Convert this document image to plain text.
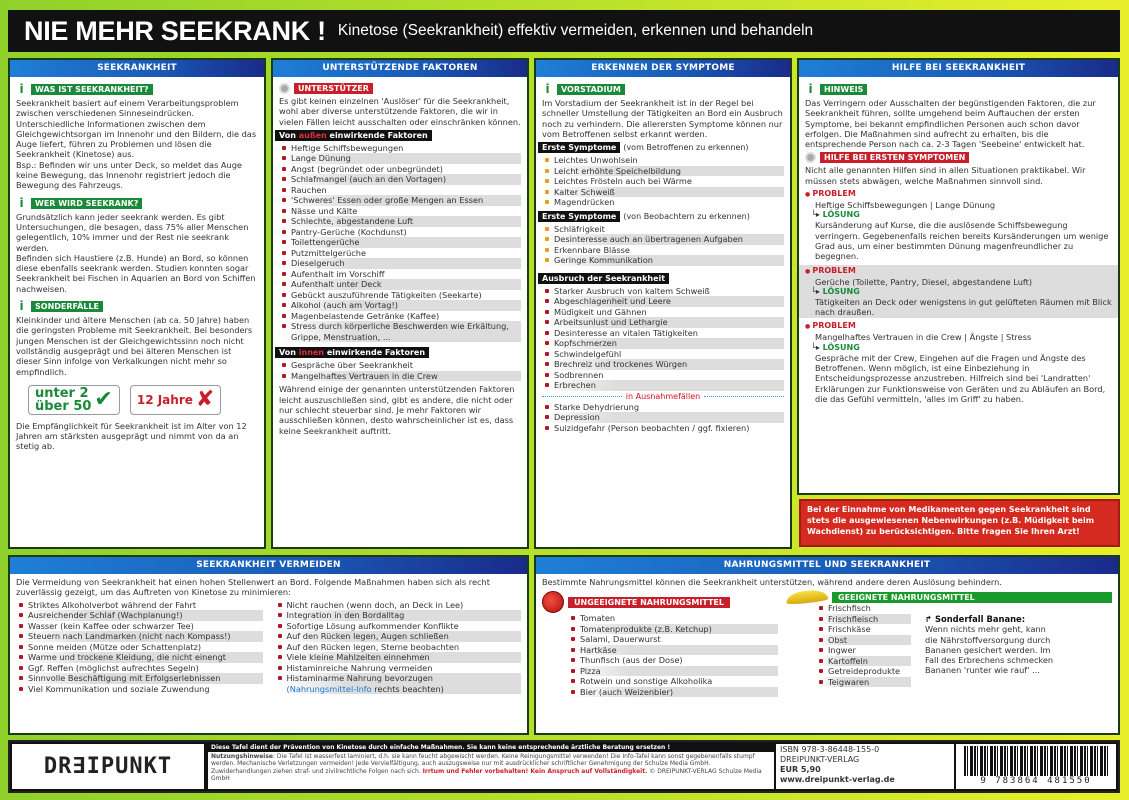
NIE MEHR SEEKRANK ! Kinetose (Seekrankheit) effektiv vermeiden, erkennen und behandeln
SEEKRANKHEIT
i	WAS IST SEEKRANKHEIT?

Seekrankheit basiert auf einem Verarbeitungsproblem zwischen verschiedenen Sinneseindrücken. Unterschiedliche Informationen zwischen dem Gleichgewichtsorgan im Innenohr und den Bildern, die das Auge liefert, führen zu Problemen und lösen die Seekrankheit (Kinetose) aus.

Bsp.: Befinden wir uns unter Deck, so meldet das Auge keine Bewegung, das Innenohr registriert jedoch die Bewegung des Fahrzeugs.

i	WER WIRD SEEKRANK?

Grundsätzlich kann jeder seekrank werden. Es gibt Untersuchungen, die besagen, dass 75% aller Menschen gelegentlich, 10% immer und der Rest nie seekrank werden.

Befinden sich Haustiere (z.B. Hunde) an Bord, so können diese ebenfalls seekrank werden. Studien konnten sogar Seekrankheit bei Fischen in Aquarien an Bord von Schiffen nachweisen.

i	SONDERFÄLLE

Kleinkinder und ältere Menschen (ab ca. 50 Jahre) haben die geringsten Probleme mit Seekrankheit. Bei besonders jungen Menschen ist der Gleichgewichtssinn noch nicht vollständig ausgeprägt und bei älteren Menschen ist dieser Sinn infolge von Verkalkungen nicht mehr so empfindlich.

unter 2
über 50 ✔ 12 Jahre ✘

Die Empfänglichkeit für Seekrankheit ist im Alter von 12 Jahren am stärksten ausgeprägt und nimmt von da an stetig ab.

UNTERSTÜTZENDE FAKTOREN
UNTERSTÜTZER

Es gibt keinen einzelnen 'Auslöser' für die Seekrankheit, wohl aber diverse unterstützende Faktoren, die wir in vielen Fällen leicht ausschalten oder einschränken können.

Von außen einwirkende Faktoren
Heftige Schiffsbewegungen
Lange Dünung
Angst (begründet oder unbegründet)
Schlafmangel (auch an den Vortagen)
Rauchen
'Schweres' Essen oder große Mengen an Essen
Nässe und Kälte
Schlechte, abgestandene Luft
Pantry-Gerüche (Kochdunst)
Toilettengerüche
Putzmittelgerüche
Dieselgeruch
Aufenthalt im Vorschiff
Aufenthalt unter Deck
Gebückt auszuführende Tätigkeiten (Seekarte)
Alkohol (auch am Vortag!)
Magenbelastende Getränke (Kaffee)
Stress durch körperliche Beschwerden wie Erkältung, Grippe, Menstruation, ...
Von innen einwirkende Faktoren
Gespräche über Seekrankheit
Mangelhaftes Vertrauen in die Crew

Während einige der genannten unterstützenden Faktoren leicht auszuschließen sind, gibt es andere, die nicht oder nur schlecht steuerbar sind. Je mehr Faktoren wir ausschließen können, desto wahrscheinlicher ist es, dass keine Seekrankheit auftritt.

ERKENNEN DER SYMPTOME
i	VORSTADIUM

Im Vorstadium der Seekrankheit ist in der Regel bei schneller Umstellung der Tätigkeiten an Bord ein Ausbruch noch zu verhindern. Die allerersten Symptome können nur vom Betroffenen selbst erkannt werden.

Erste Symptome (vom Betroffenen zu erkennen)
Leichtes Unwohlsein
Leicht erhöhte Speichelbildung
Leichtes Frösteln auch bei Wärme
Kalter Schweiß
Magendrücken
Erste Symptome (von Beobachtern zu erkennen)
Schläfrigkeit
Desinteresse auch an übertragenen Aufgaben
Erkennbare Blässe
Geringe Kommunikation
Ausbruch der Seekrankheit
Starker Ausbruch von kaltem Schweiß
Abgeschlagenheit und Leere
Müdigkeit und Gähnen
Arbeitsunlust und Lethargie
Desinteresse an vitalen Tätigkeiten
Kopfschmerzen
Schwindelgefühl
Brechreiz und trockenes Würgen
Sodbrennen
Erbrechen
in Ausnahmefällen
Starke Dehydrierung
Depression
Suizidgefahr (Person beobachten / ggf. fixieren)
HILFE BEI SEEKRANKHEIT
i	HINWEIS

Das Verringern oder Ausschalten der begünstigenden Faktoren, die zur Seekrankheit führen, sollte umgehend beim Auftauchen der ersten Symptome, bei bekannt empfindlichen Personen auch schon davor erfolgen. Die Maßnahmen sind aufrecht zu erhalten, bis die entsprechende Person nach ca. 2-3 Tagen 'Seebeine' entwickelt hat.

HILFE BEI ERSTEN SYMPTOMEN

Nicht alle genannten Hilfen sind in allen Situationen praktikabel. Wir müssen stets abwägen, welche Maßnahmen sinnvoll sind.

● PROBLEM

Heftige Schiffsbewegungen | Lange Dünung

└▸ LÖSUNG

Kursänderung auf Kurse, die die auslösende Schiffsbewegung verringern. Gegebenenfalls reichen bereits Kursänderungen um wenige Grad aus, um einer bestimmten Dünung magenfreundlicher zu begegnen.

● PROBLEM

Gerüche (Toilette, Pantry, Diesel, abgestandene Luft)

└▸ LÖSUNG

Tätigkeiten an Deck oder wenigstens in gut gelüfteten Räumen mit Blick nach draußen.

● PROBLEM

Mangelhaftes Vertrauen in die Crew | Ängste | Stress

└▸ LÖSUNG

Gespräche mit der Crew, Eingehen auf die Fragen und Ängste des Betroffenen. Wenn möglich, ist eine Einbeziehung in Entscheidungsprozesse anzustreben. Hilfreich sind bei 'Landratten' Erklärungen zur Funktionsweise von Geräten und zu Abläufen an Bord, die das Gefühl vermitteln, 'alles im Griff' zu haben.

Bei der Einnahme von Medikamenten gegen Seekrankheit sind stets die ausgewiesenen Nebenwirkungen (z.B. Müdigkeit beim Wachdienst) zu berücksichtigen. Bitte fragen Sie Ihren Arzt!
SEEKRANKHEIT VERMEIDEN

Die Vermeidung von Seekrankheit hat einen hohen Stellenwert an Bord. Folgende Maßnahmen haben sich als recht zuverlässig gezeigt, um das Auftreten von Kinetose zu minimieren:

Striktes Alkoholverbot während der Fahrt
Ausreichender Schlaf (Wachplanung!)
Wasser (kein Kaffee oder schwarzer Tee)
Steuern nach Landmarken (nicht nach Kompass!)
Sonne meiden (Mütze oder Schattenplatz)
Warme und trockene Kleidung, die nicht einengt
Ggf. Reffen (möglichst aufrechtes Segeln)
Sinnvolle Beschäftigung mit Erfolgserlebnissen
Viel Kommunikation und soziale Zuwendung
Nicht rauchen (wenn doch, an Deck in Lee)
Integration in den Bordalltag
Sofortige Lösung aufkommender Konflikte
Auf den Rücken legen, Augen schließen
Auf den Rücken legen, Sterne beobachten
Viele kleine Mahlzeiten einnehmen
Histaminreiche Nahrung vermeiden
Histaminarme Nahrung bevorzugen
(Nahrungsmittel-Info rechts beachten)
NAHRUNGSMITTEL UND SEEKRANKHEIT

Bestimmte Nahrungsmittel können die Seekrankheit unterstützen, während andere deren Auslösung behindern.

UNGEEIGNETE NAHRUNGSMITTEL
Tomaten
Tomatenprodukte (z.B. Ketchup)
Salami, Dauerwurst
Hartkäse
Thunfisch (aus der Dose)
Pizza
Rotwein und sonstige Alkoholika
Bier (auch Weizenbier)
GEEIGNETE NAHRUNGSMITTEL
Frischfisch
Frischfleisch
Frischkäse
Obst
Ingwer
Kartoffeln
Getreideprodukte
Teigwaren
↱ Sonderfall Banane:

Wenn nichts mehr geht, kann die Nährstoffversorgung durch Bananen gesichert werden. Im Fall des Erbrechens schmecken Bananen 'runter wie rauf' ...

DR∃IPUNKT
Diese Tafel dient der Prävention von Kinetose durch einfache Maßnahmen. Sie kann keine entsprechende ärztliche Beratung ersetzen !
Nutzungshinweise: Die Tafel ist wasserfest laminiert, d.h. sie kann feucht abgewischt werden. Keine Reinigungsmittel verwenden! Die Info-Tafel kann sonst gegebenenfalls stumpf werden. Mechanische Verletzungen vermeiden! Jede Vervielfältigung, auch auszugsweise nur mit ausdrücklicher schriftlicher Genehmigung der Schulze Media GmbH. Zuwiderhandlungen ziehen straf- und zivilrechtliche Folgen nach sich. Irrtum und Fehler vorbehalten! Kein Anspruch auf Vollständigkeit. © DREIPUNKT-VERLAG Schulze Media GmbH
ISBN 978-3-86448-155-0
DREIPUNKT-VERLAG
EUR 5,90
www.dreipunkt-verlag.de	9 783864 481550
